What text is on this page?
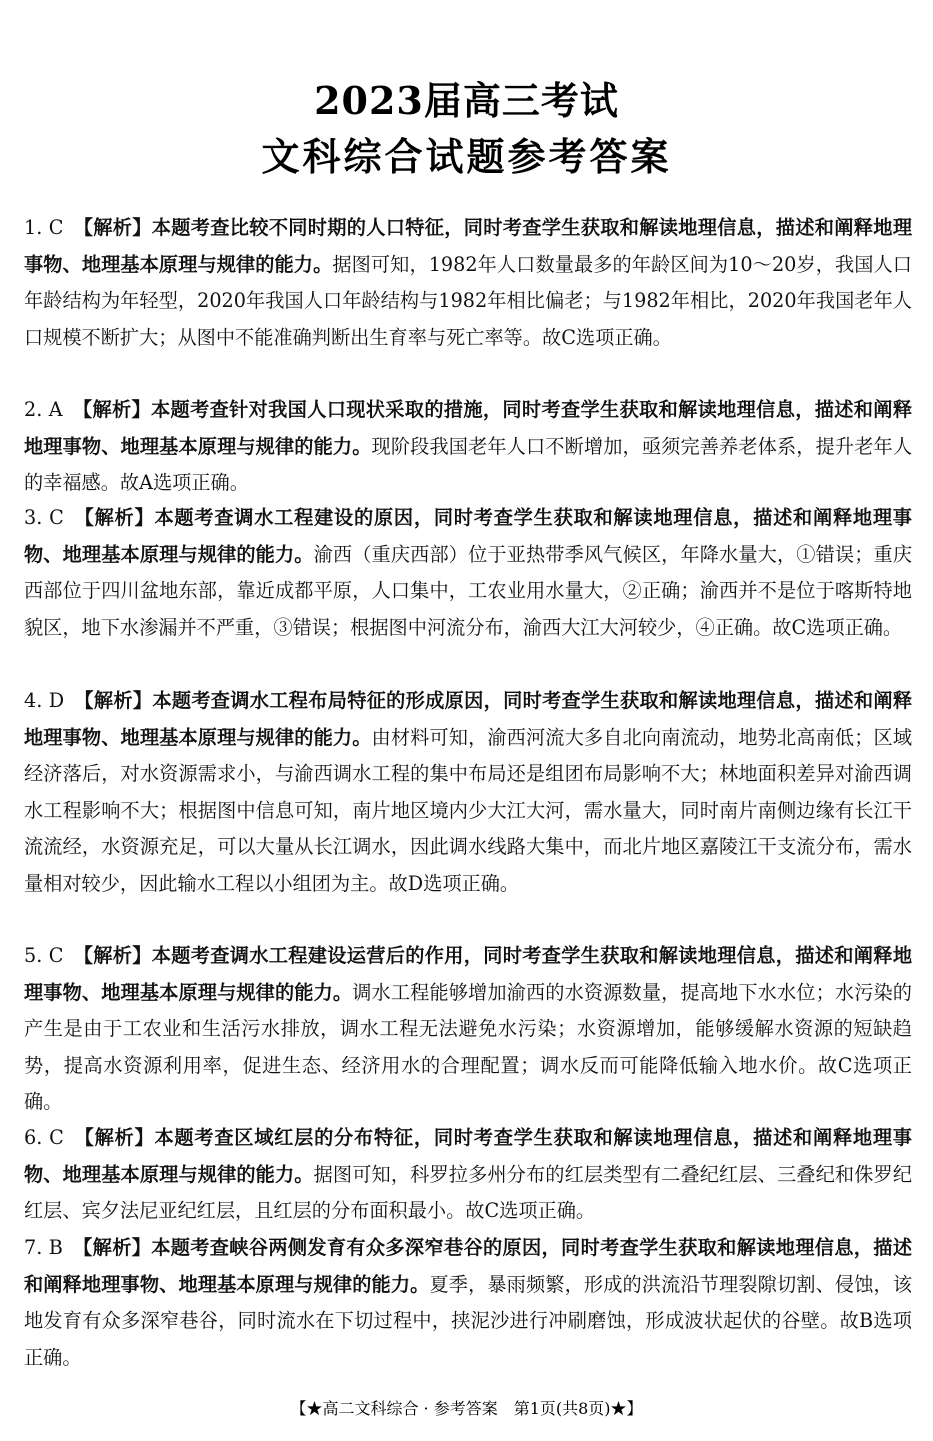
2023届高三考试
文科综合试题参考答案
1. C 【解析】本题考查比较不同时期的人口特征，同时考查学生获取和解读地理信息，描述和阐释地理事物、地理基本原理与规律的能力。据图可知，1982年人口数量最多的年龄区间为10～20岁，我国人口年龄结构为年轻型，2020年我国人口年龄结构与1982年相比偏老；与1982年相比，2020年我国老年人口规模不断扩大；从图中不能准确判断出生育率与死亡率等。故C选项正确。
2. A 【解析】本题考查针对我国人口现状采取的措施，同时考查学生获取和解读地理信息，描述和阐释地理事物、地理基本原理与规律的能力。现阶段我国老年人口不断增加，亟须完善养老体系，提升老年人的幸福感。故A选项正确。
3. C 【解析】本题考查调水工程建设的原因，同时考查学生获取和解读地理信息，描述和阐释地理事物、地理基本原理与规律的能力。渝西（重庆西部）位于亚热带季风气候区，年降水量大，①错误；重庆西部位于四川盆地东部，靠近成都平原，人口集中，工农业用水量大，②正确；渝西并不是位于喀斯特地貌区，地下水渗漏并不严重，③错误；根据图中河流分布，渝西大江大河较少，④正确。故C选项正确。
4. D 【解析】本题考查调水工程布局特征的形成原因，同时考查学生获取和解读地理信息，描述和阐释地理事物、地理基本原理与规律的能力。由材料可知，渝西河流大多自北向南流动，地势北高南低；区域经济落后，对水资源需求小，与渝西调水工程的集中布局还是组团布局影响不大；林地面积差异对渝西调水工程影响不大；根据图中信息可知，南片地区境内少大江大河，需水量大，同时南片南侧边缘有长江干流流经，水资源充足，可以大量从长江调水，因此调水线路大集中，而北片地区嘉陵江干支流分布，需水量相对较少，因此输水工程以小组团为主。故D选项正确。
5. C 【解析】本题考查调水工程建设运营后的作用，同时考查学生获取和解读地理信息，描述和阐释地理事物、地理基本原理与规律的能力。调水工程能够增加渝西的水资源数量，提高地下水水位；水污染的产生是由于工农业和生活污水排放，调水工程无法避免水污染；水资源增加，能够缓解水资源的短缺趋势，提高水资源利用率，促进生态、经济用水的合理配置；调水反而可能降低输入地水价。故C选项正确。
6. C 【解析】本题考查区域红层的分布特征，同时考查学生获取和解读地理信息，描述和阐释地理事物、地理基本原理与规律的能力。据图可知，科罗拉多州分布的红层类型有二叠纪红层、三叠纪和侏罗纪红层、宾夕法尼亚纪红层，且红层的分布面积最小。故C选项正确。
7. B 【解析】本题考查峡谷两侧发育有众多深窄巷谷的原因，同时考查学生获取和解读地理信息，描述和阐释地理事物、地理基本原理与规律的能力。夏季，暴雨频繁，形成的洪流沿节理裂隙切割、侵蚀，该地发育有众多深窄巷谷，同时流水在下切过程中，挟泥沙进行冲刷磨蚀，形成波状起伏的谷壁。故B选项正确。
【★高二文科综合 · 参考答案　第1页(共8页)★】
